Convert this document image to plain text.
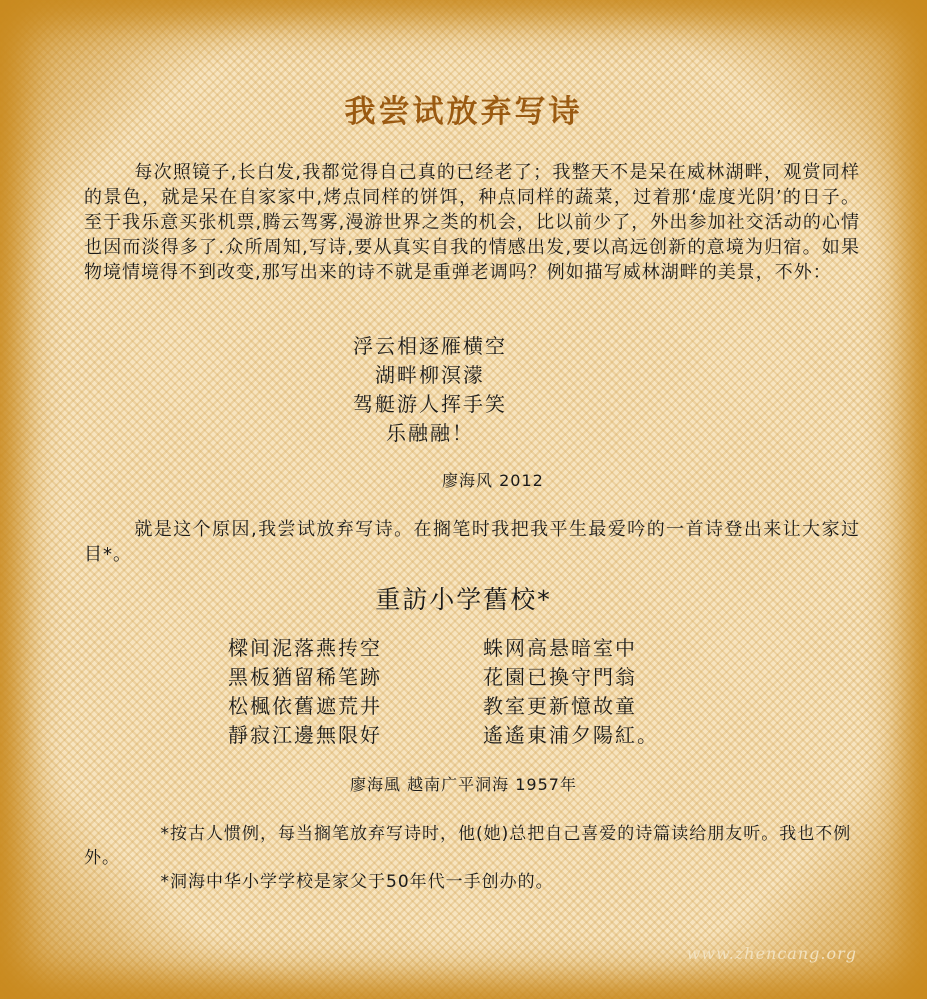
我尝试放弃写诗

每次照镜子,长白发,我都觉得自己真的已经老了；我整天不是呆在威林湖畔，观赏同样的景色，就是呆在自家家中,烤点同样的饼饵，种点同样的蔬菜，过着那‘虚度光阴’的日子。至于我乐意买张机票,腾云驾雾,漫游世界之类的机会，比以前少了，外出参加社交活动的心情也因而淡得多了.众所周知,写诗,要从真实自我的情感出发,要以高远创新的意境为归宿。如果物境情境得不到改变,那写出来的诗不就是重弹老调吗？例如描写威林湖畔的美景，不外：

浮云相逐雁横空
湖畔柳溟濛
驾艇游人挥手笑
乐融融！
廖海风 2012

就是这个原因,我尝试放弃写诗。在搁笔时我把我平生最爱吟的一首诗登出来让大家过目*。

重訪小学舊校*
樑间泥落燕抟空	蛛网高悬暗室中
黑板猶留稀笔跡	花園已換守門翁
松楓依舊遮荒井	教室更新憶故童
靜寂江邊無限好	遙遙東浦夕陽紅。
廖海風 越南广平洞海 1957年

*按古人惯例，每当搁笔放弃写诗时，他(她)总把自己喜爱的诗篇读给朋友听。我也不例外。

*洞海中华小学学校是家父于50年代一手创办的。

www.zhencang.org
